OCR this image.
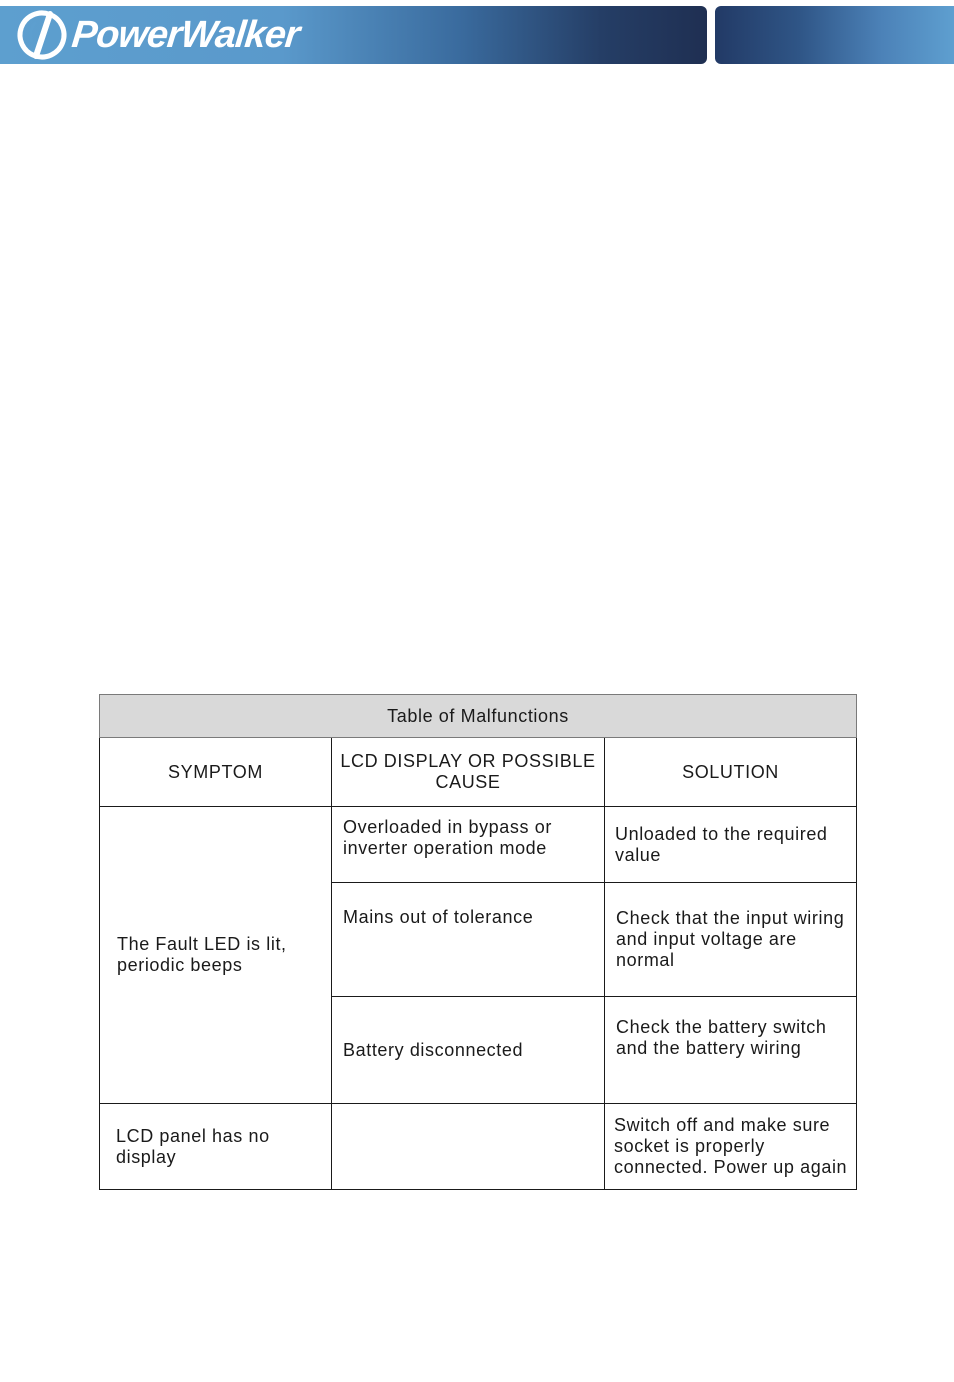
PowerWalker
Table of Malfunctions		
SYMPTOM	LCD DISPLAY OR POSSIBLE CAUSE	SOLUTION
The Fault LED is lit, periodic beeps	Overloaded in bypass or inverter operation mode	Unloaded to the required value
	Mains out of tolerance	Check that the input wiring and input voltage are normal
	Battery disconnected	Check the battery switch and the battery wiring
LCD panel has no display		Switch off and make sure socket is properly connected. Power up again
